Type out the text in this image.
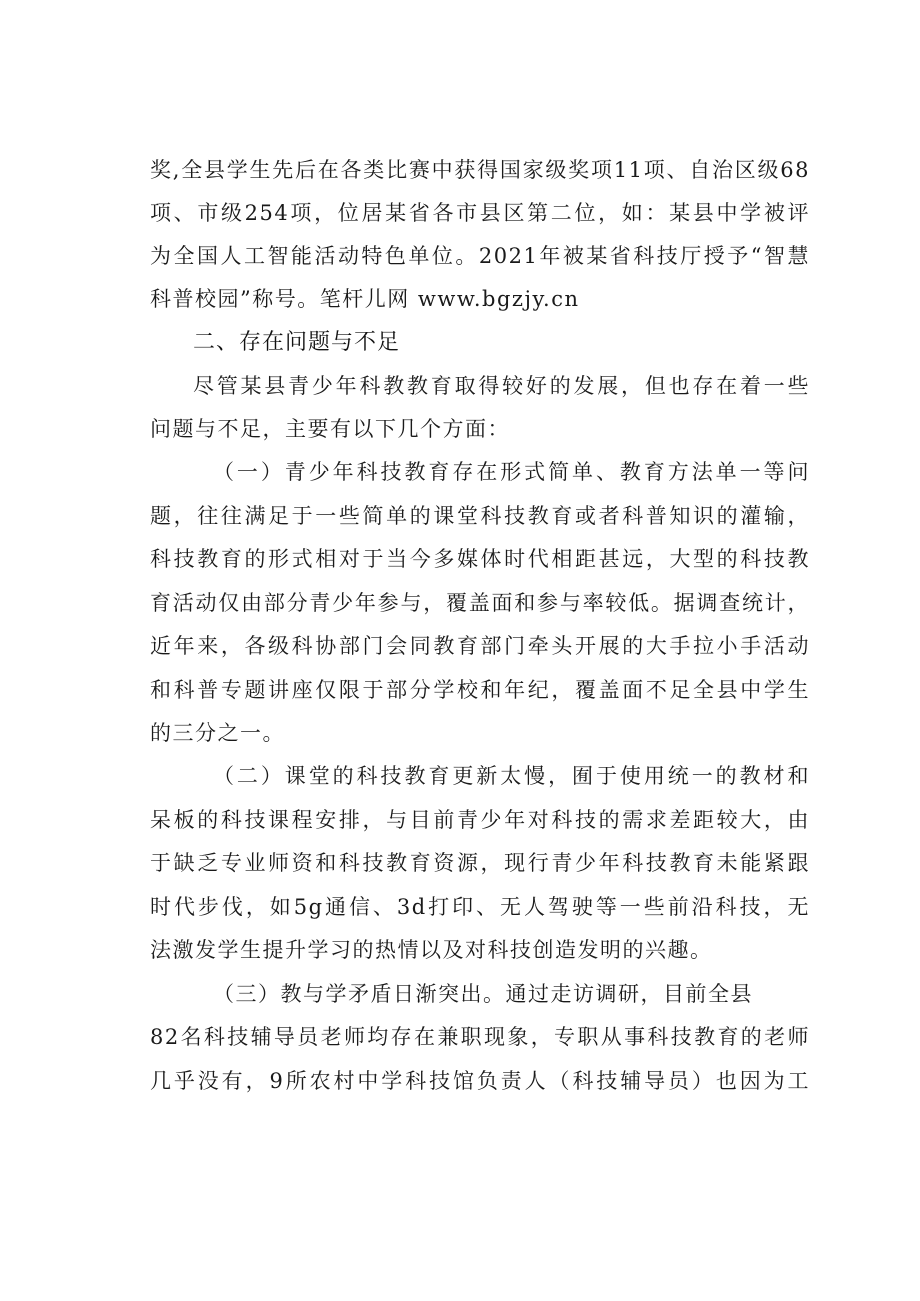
奖,全县学生先后在各类比赛中获得国家级奖项11项、自治区级68
项、市级254项，位居某省各市县区第二位，如：某县中学被评
为全国人工智能活动特色单位。2021年被某省科技厅授予“智慧
科普校园”称号。笔杆儿网 www.bgzjy.cn
二、存在问题与不足
尽管某县青少年科教教育取得较好的发展，但也存在着一些
问题与不足，主要有以下几个方面：
（一）青少年科技教育存在形式简单、教育方法单一等问
题，往往满足于一些简单的课堂科技教育或者科普知识的灌输，
科技教育的形式相对于当今多媒体时代相距甚远，大型的科技教
育活动仅由部分青少年参与，覆盖面和参与率较低。据调查统计，
近年来，各级科协部门会同教育部门牵头开展的大手拉小手活动
和科普专题讲座仅限于部分学校和年纪，覆盖面不足全县中学生
的三分之一。
（二）课堂的科技教育更新太慢，囿于使用统一的教材和
呆板的科技课程安排，与目前青少年对科技的需求差距较大，由
于缺乏专业师资和科技教育资源，现行青少年科技教育未能紧跟
时代步伐，如5g通信、3d打印、无人驾驶等一些前沿科技，无
法激发学生提升学习的热情以及对科技创造发明的兴趣。
（三）教与学矛盾日渐突出。通过走访调研，目前全县
82名科技辅导员老师均存在兼职现象，专职从事科技教育的老师
几乎没有，9所农村中学科技馆负责人（科技辅导员）也因为工
